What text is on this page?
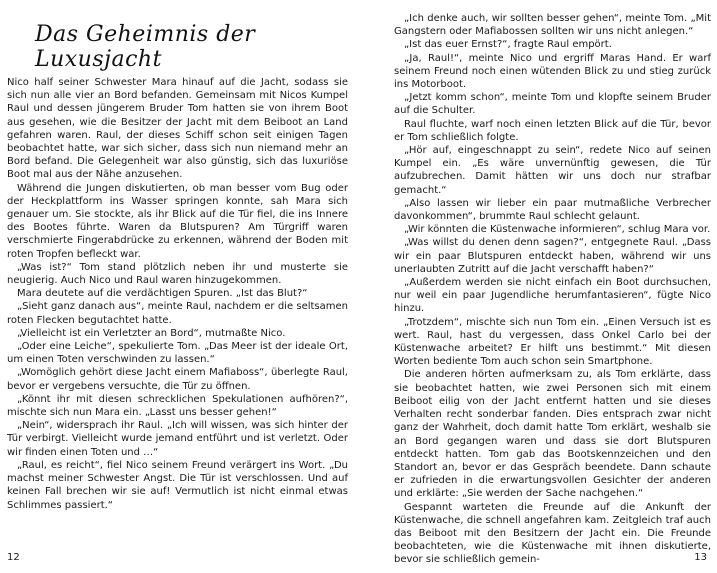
Das Geheimnis der Luxusjacht

Nico half seiner Schwester Mara hinauf auf die Jacht, sodass sie sich nun alle vier an Bord befanden. Gemeinsam mit Nicos Kumpel Raul und dessen jüngerem Bruder Tom hatten sie von ihrem Boot aus gesehen, wie die Besitzer der Jacht mit dem Beiboot an Land gefahren waren. Raul, der dieses Schiff schon seit einigen Tagen beobachtet hatte, war sich sicher, dass sich nun niemand mehr an Bord befand. Die Gelegenheit war also günstig, sich das luxuriöse Boot mal aus der Nähe anzusehen.

Während die Jungen diskutierten, ob man besser vom Bug oder der Heckplattform ins Wasser springen konnte, sah Mara sich genauer um. Sie stockte, als ihr Blick auf die Tür fiel, die ins Innere des Bootes führte. Waren da Blutspuren? Am Türgriff waren verschmierte Fingerabdrücke zu erkennen, während der Boden mit roten Tropfen befleckt war.

„Was ist?“ Tom stand plötzlich neben ihr und musterte sie neugierig. Auch Nico und Raul waren hinzugekommen.

Mara deutete auf die verdächtigen Spuren. „Ist das Blut?“

„Sieht ganz danach aus“, meinte Raul, nachdem er die seltsamen roten Flecken begutachtet hatte.

„Vielleicht ist ein Verletzter an Bord“, mutmaßte Nico.

„Oder eine Leiche“, spekulierte Tom. „Das Meer ist der ideale Ort, um einen Toten verschwinden zu lassen.“

„Womöglich gehört diese Jacht einem Mafiaboss“, überlegte Raul, bevor er vergebens versuchte, die Tür zu öffnen.

„Könnt ihr mit diesen schrecklichen Spekulationen aufhören?“, mischte sich nun Mara ein. „Lasst uns besser gehen!“

„Nein“, widersprach ihr Raul. „Ich will wissen, was sich hinter der Tür verbirgt. Vielleicht wurde jemand entführt und ist verletzt. Oder wir finden einen Toten und …“

„Raul, es reicht“, fiel Nico seinem Freund verärgert ins Wort. „Du machst meiner Schwester Angst. Die Tür ist verschlossen. Und auf keinen Fall brechen wir sie auf! Vermutlich ist nicht einmal etwas Schlimmes passiert.“

12

„Ich denke auch, wir sollten besser gehen“, meinte Tom. „Mit Gangstern oder Mafiabossen sollten wir uns nicht anlegen.“

„Ist das euer Ernst?“, fragte Raul empört.

„Ja, Raul!“, meinte Nico und ergriff Maras Hand. Er warf seinem Freund noch einen wütenden Blick zu und stieg zurück ins Motorboot.

„Jetzt komm schon“, meinte Tom und klopfte seinem Bruder auf die Schulter.

Raul fluchte, warf noch einen letzten Blick auf die Tür, bevor er Tom schließlich folgte.

„Hör auf, eingeschnappt zu sein“, redete Nico auf seinen Kumpel ein. „Es wäre unvernünftig gewesen, die Tür aufzubrechen. Damit hätten wir uns doch nur strafbar gemacht.“

„Also lassen wir lieber ein paar mutmaßliche Verbrecher davonkommen“, brummte Raul schlecht gelaunt.

„Wir könnten die Küstenwache informieren“, schlug Mara vor.

„Was willst du denen denn sagen?“, entgegnete Raul. „Dass wir ein paar Blutspuren entdeckt haben, während wir uns unerlaubten Zutritt auf die Jacht verschafft haben?“

„Außerdem werden sie nicht einfach ein Boot durchsuchen, nur weil ein paar Jugendliche herumfantasieren“, fügte Nico hinzu.

„Trotzdem“, mischte sich nun Tom ein. „Einen Versuch ist es wert. Raul, hast du vergessen, dass Onkel Carlo bei der Küstenwache arbeitet? Er hilft uns bestimmt.“ Mit diesen Worten bediente Tom auch schon sein Smartphone.

Die anderen hörten aufmerksam zu, als Tom erklärte, dass sie beobachtet hatten, wie zwei Personen sich mit einem Beiboot eilig von der Jacht entfernt hatten und sie dieses Verhalten recht sonderbar fanden. Dies entsprach zwar nicht ganz der Wahrheit, doch damit hatte Tom erklärt, weshalb sie an Bord gegangen waren und dass sie dort Blutspuren entdeckt hatten. Tom gab das Bootskennzeichen und den Standort an, bevor er das Gespräch beendete. Dann schaute er zufrieden in die erwartungsvollen Gesichter der anderen und erklärte: „Sie werden der Sache nachgehen.“

Gespannt warteten die Freunde auf die Ankunft der Küstenwache, die schnell angefahren kam. Zeitgleich traf auch das Beiboot mit den Besitzern der Jacht ein. Die Freunde beobachteten, wie die Küstenwache mit ihnen diskutierte, bevor sie schließlich gemein-	13
